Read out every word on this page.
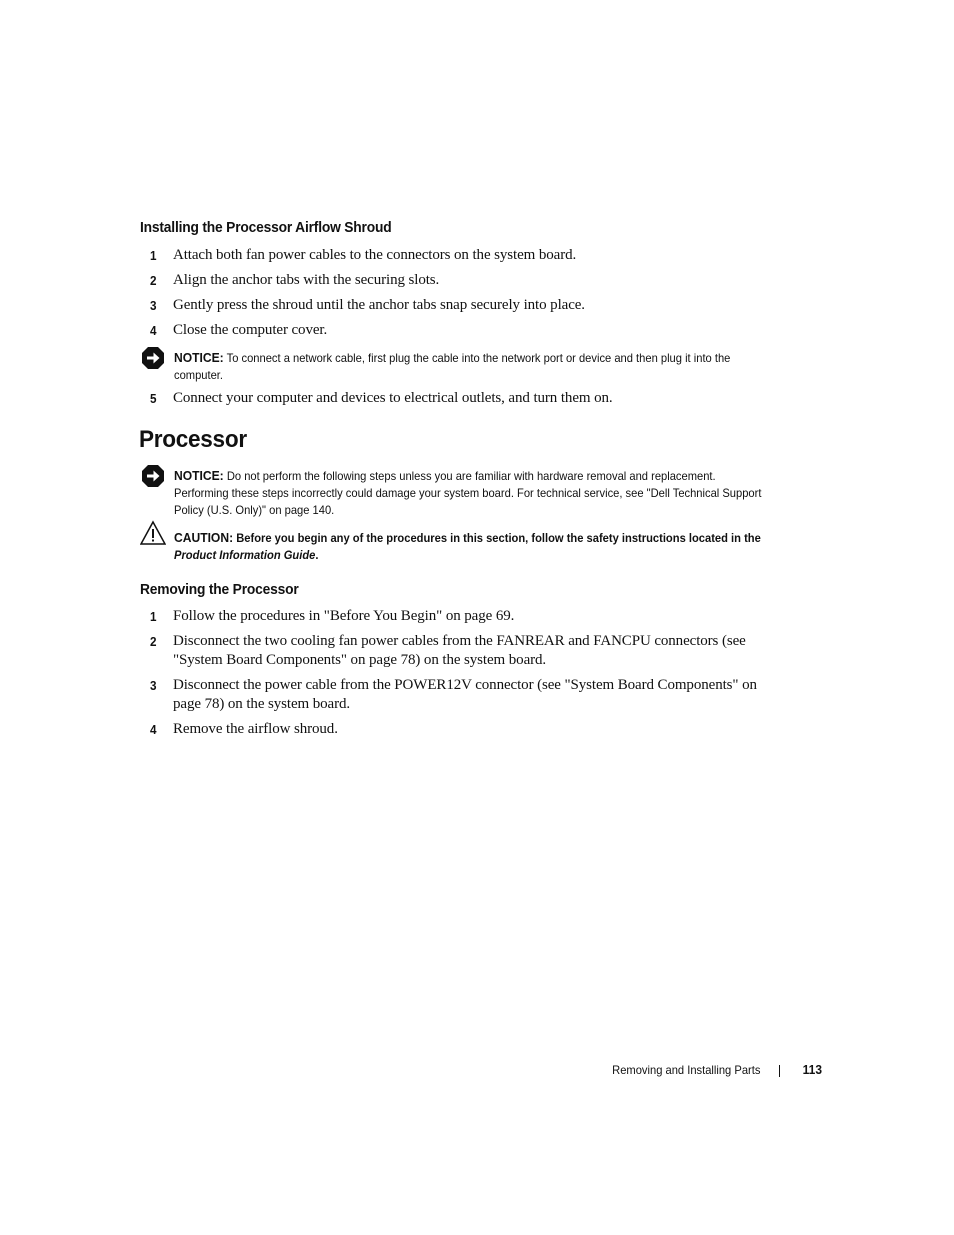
Installing the Processor Airflow Shroud
1 Attach both fan power cables to the connectors on the system board.
2 Align the anchor tabs with the securing slots.
3 Gently press the shroud until the anchor tabs snap securely into place.
4 Close the computer cover.
NOTICE: To connect a network cable, first plug the cable into the network port or device and then plug it into the computer.
5 Connect your computer and devices to electrical outlets, and turn them on.
Processor
NOTICE: Do not perform the following steps unless you are familiar with hardware removal and replacement. Performing these steps incorrectly could damage your system board. For technical service, see "Dell Technical Support Policy (U.S. Only)" on page 140.
CAUTION: Before you begin any of the procedures in this section, follow the safety instructions located in the Product Information Guide.
Removing the Processor
1 Follow the procedures in "Before You Begin" on page 69.
2 Disconnect the two cooling fan power cables from the FANREAR and FANCPU connectors (see "System Board Components" on page 78) on the system board.
3 Disconnect the power cable from the POWER12V connector (see "System Board Components" on page 78) on the system board.
4 Remove the airflow shroud.
Removing and Installing Parts	113
